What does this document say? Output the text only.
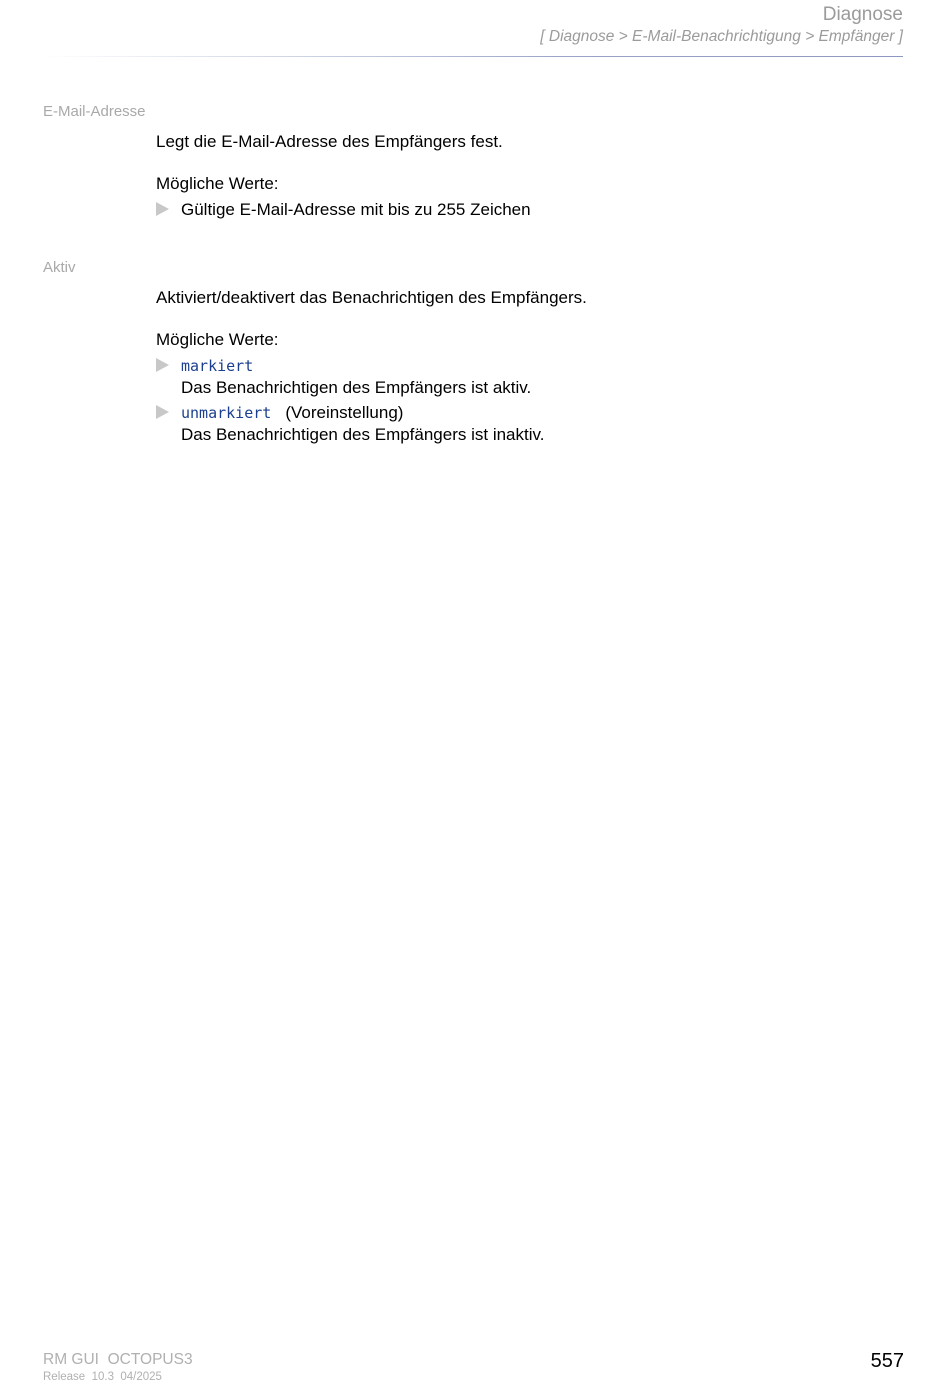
Diagnose
[ Diagnose > E-Mail-Benachrichtigung > Empfänger ]
E-Mail-Adresse
Legt die E-Mail-Adresse des Empfängers fest.
Mögliche Werte:
Gültige E-Mail-Adresse mit bis zu 255 Zeichen
Aktiv
Aktiviert/deaktivert das Benachrichtigen des Empfängers.
Mögliche Werte:
markiert
Das Benachrichtigen des Empfängers ist aktiv.
unmarkiert (Voreinstellung)
Das Benachrichtigen des Empfängers ist inaktiv.
RM GUI  OCTOPUS3
Release  10.3  04/2025
557
